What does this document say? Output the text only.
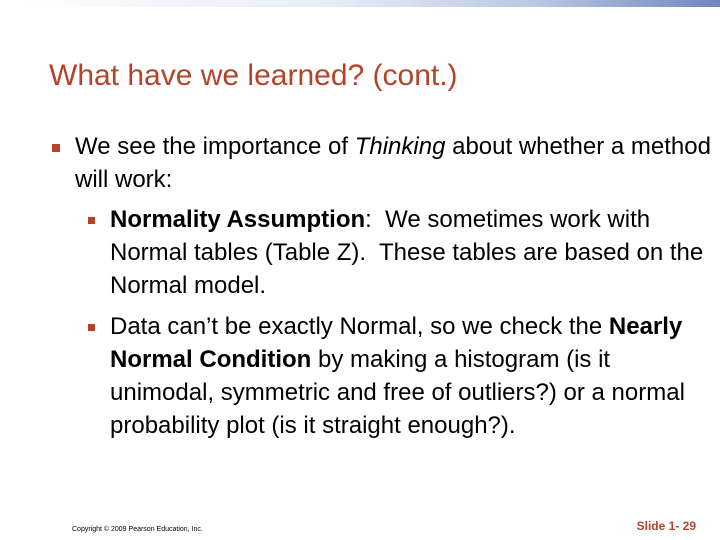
What have we learned? (cont.)
We see the importance of Thinking about whether a method will work:
Normality Assumption:  We sometimes work with Normal tables (Table Z).  These tables are based on the Normal model.
Data can’t be exactly Normal, so we check the Nearly Normal Condition by making a histogram (is it unimodal, symmetric and free of outliers?) or a normal probability plot (is it straight enough?).
Copyright © 2009 Pearson Education, Inc.	Slide 1- 29
